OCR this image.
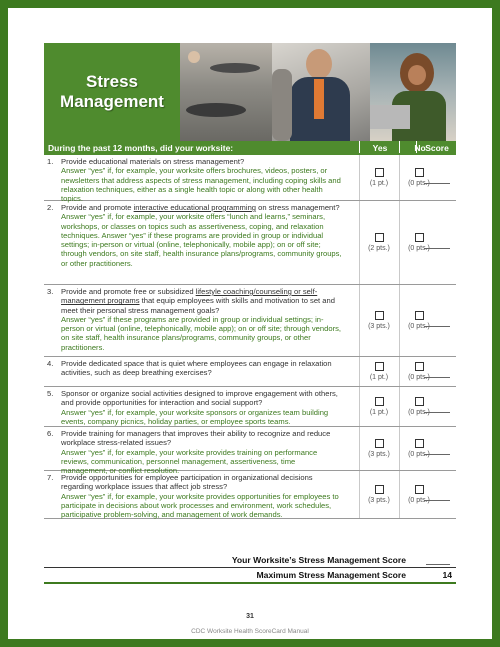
Stress
Management
During the past 12 months, did your worksite:	Yes	No Score
1.	Provide educational materials on stress management?
Answer “yes” if, for example, your worksite offers brochures, videos, posters, or newsletters that address aspects of stress management, including coping skills and relaxation techniques, either as a single health topic or along with other health topics.
(1 pt.)	(0 pts.)
2.	Provide and promote interactive educational programming on stress management?
Answer “yes” if, for example, your worksite offers “lunch and learns,” seminars, workshops, or classes on topics such as assertiveness, coping, and relaxation techniques. Answer “yes” if these programs are provided in group or individual settings; in-person or virtual (online, telephonically, mobile app); on or off site; through vendors, on site staff, health insurance plans/programs, community groups, or other practitioners.
(2 pts.)	(0 pts.)
3.	Provide and promote free or subsidized lifestyle coaching/counseling or self-management programs that equip employees with skills and motivation to set and meet their personal stress management goals?
Answer “yes” if these programs are provided in group or individual settings; in-person or virtual (online, telephonically, mobile app); on or off site; through vendors, on site staff, health insurance plans/programs, community groups, or other practitioners.
(3 pts.)	(0 pts.)
4.	Provide dedicated space that is quiet where employees can engage in relaxation activities, such as deep breathing exercises?
(1 pt.)	(0 pts.)
5.	Sponsor or organize social activities designed to improve engagement with others, and provide opportunities for interaction and social support?
Answer “yes” if, for example, your worksite sponsors or organizes team building events, company picnics, holiday parties, or employee sports teams.
(1 pt.)	(0 pts.)
6.	Provide training for managers that improves their ability to recognize and reduce workplace stress-related issues?
Answer “yes” if, for example, your worksite provides training on performance reviews, communication, personnel management, assertiveness, time management, or conflict resolution.
(3 pts.)	(0 pts.)
7.	Provide opportunities for employee participation in organizational decisions regarding workplace issues that affect job stress?
Answer “yes” if, for example, your worksite provides opportunities for employees to participate in decisions about work processes and environment, work schedules, participative problem-solving, and management of work demands.
(3 pts.)	(0 pts.)
Your Worksite’s Stress Management Score
Maximum Stress Management Score	14
31
CDC Worksite Health ScoreCard Manual
